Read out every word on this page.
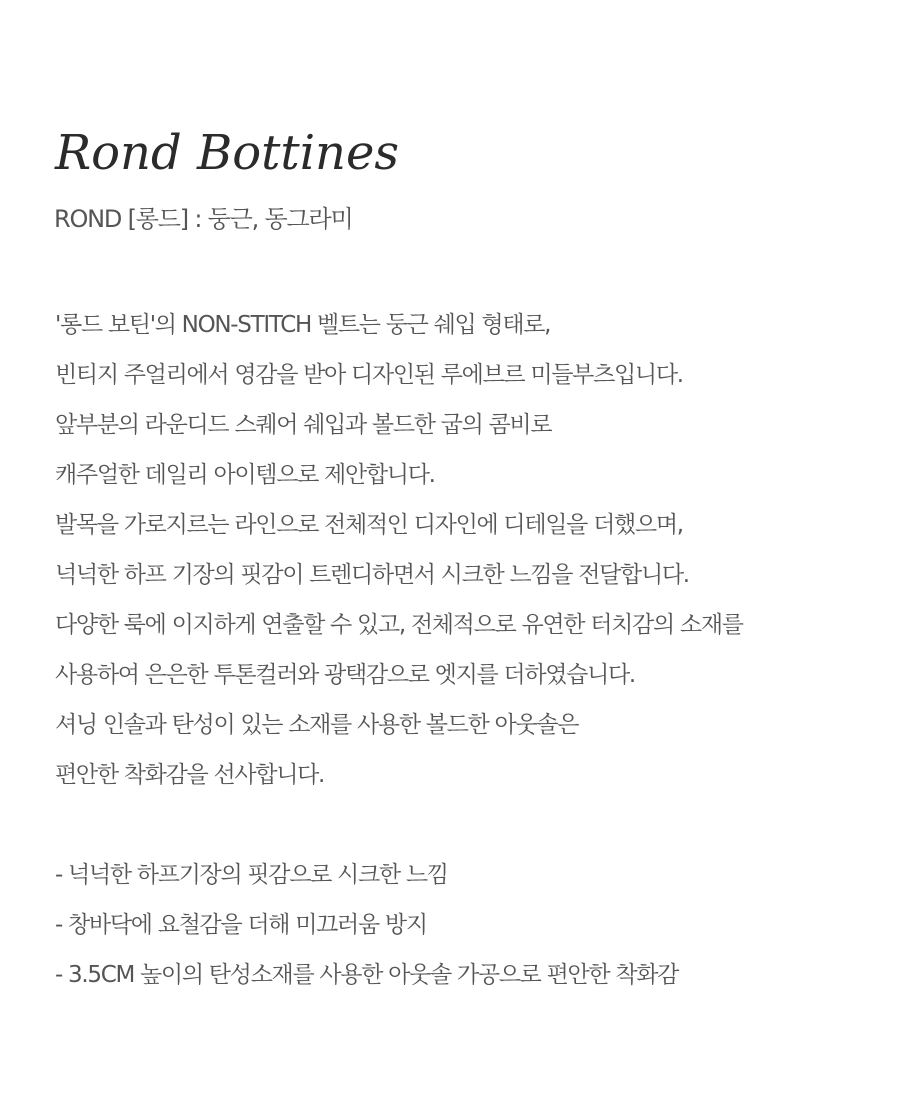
Rond Bottines

ROND [롱드] : 둥근, 동그라미

'롱드 보틴'의 NON-STITCH 벨트는 둥근 쉐입 형태로,
빈티지 주얼리에서 영감을 받아 디자인된 루에브르 미들부츠입니다.
앞부분의 라운디드 스퀘어 쉐입과 볼드한 굽의 콤비로
캐주얼한 데일리 아이템으로 제안합니다.
발목을 가로지르는 라인으로 전체적인 디자인에 디테일을 더했으며,
넉넉한 하프 기장의 핏감이 트렌디하면서 시크한 느낌을 전달합니다.
다양한 룩에 이지하게 연출할 수 있고, 전체적으로 유연한 터치감의 소재를
사용하여 은은한 투톤컬러와 광택감으로 엣지를 더하였습니다.
셔닝 인솔과 탄성이 있는 소재를 사용한 볼드한 아웃솔은
편안한 착화감을 선사합니다.
- 넉넉한 하프기장의 핏감으로 시크한 느낌
- 창바닥에 요철감을 더해 미끄러움 방지
- 3.5CM 높이의 탄성소재를 사용한 아웃솔 가공으로 편안한 착화감
